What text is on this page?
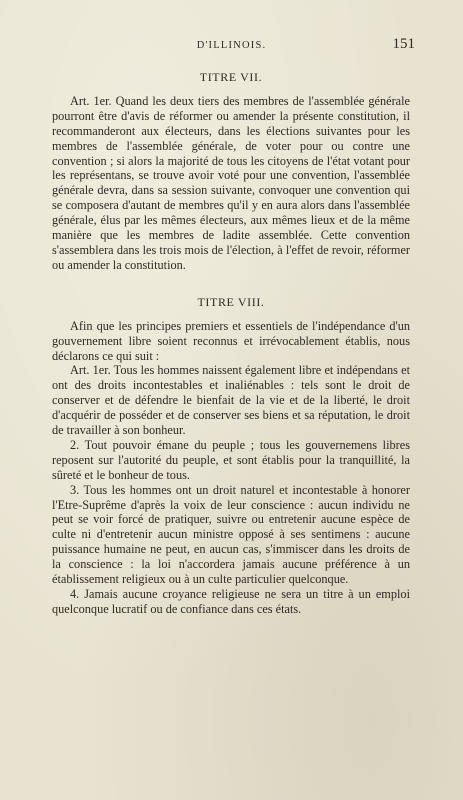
D'ILLINOIS.	151
TITRE VII.

Art. 1er. Quand les deux tiers des membres de l'assemblée générale pourront être d'avis de réformer ou amender la présente constitution, il recommanderont aux électeurs, dans les élections suivantes pour les membres de l'assemblée générale, de voter pour ou contre une convention ; si alors la majorité de tous les citoyens de l'état votant pour les représentans, se trouve avoir voté pour une convention, l'assemblée générale devra, dans sa session suivante, convoquer une convention qui se composera d'autant de membres qu'il y en aura alors dans l'assemblée générale, élus par les mêmes électeurs, aux mêmes lieux et de la même manière que les membres de ladite assemblée. Cette convention s'assemblera dans les trois mois de l'élection, à l'effet de revoir, réformer ou amender la constitution.

TITRE VIII.

Afin que les principes premiers et essentiels de l'indépendance d'un gouvernement libre soient reconnus et irrévocablement établis, nous déclarons ce qui suit :

Art. 1er. Tous les hommes naissent également libre et indépendans et ont des droits incontestables et inaliénables : tels sont le droit de conserver et de défendre le bienfait de la vie et de la liberté, le droit d'acquérir de posséder et de conserver ses biens et sa réputation, le droit de travailler à son bonheur.

2. Tout pouvoir émane du peuple ; tous les gouvernemens libres reposent sur l'autorité du peuple, et sont établis pour la tranquillité, la sûreté et le bonheur de tous.

3. Tous les hommes ont un droit naturel et incontestable à honorer l'Etre-Suprême d'après la voix de leur conscience : aucun individu ne peut se voir forcé de pratiquer, suivre ou entretenir aucune espèce de culte ni d'entretenir aucun ministre opposé à ses sentimens : aucune puissance humaine ne peut, en aucun cas, s'immiscer dans les droits de la conscience : la loi n'accordera jamais aucune préférence à un établissement religieux ou à un culte particulier quelconque.

4. Jamais aucune croyance religieuse ne sera un titre à un emploi quelconque lucratif ou de confiance dans ces états.
